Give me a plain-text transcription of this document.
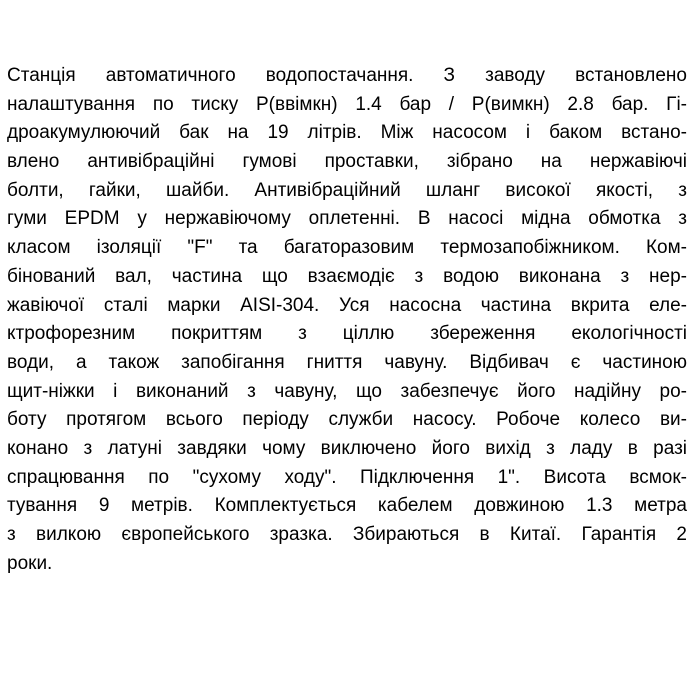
Станція автоматичного водопостачання. З заводу встановлено
налаштування по тиску Р(ввімкн) 1.4 бар / Р(вимкн) 2.8 бар. Гі-
дроакумулюючий бак на 19 літрів. Між насосом і баком встано-
влено антивібраційні гумові проставки, зібрано на нержавіючі
болти, гайки, шайби. Антивібраційний шланг високої якості, з
гуми EPDM у нержавіючому оплетенні. В насосі мідна обмотка з
класом ізоляції "F" та багаторазовим термозапобіжником. Ком-
бінований вал, частина що взаємодіє з водою виконана з нер-
жавіючої сталі марки AISI-304. Уся насосна частина вкрита еле-
ктрофорезним покриттям з ціллю збереження екологічності
води, а також запобігання гниття чавуну. Відбивач є частиною
щит-ніжки і виконаний з чавуну, що забезпечує його надійну ро-
боту протягом всього періоду служби насосу. Робоче колесо ви-
конано з латуні завдяки чому виключено його вихід з ладу в разі
спрацювання по "сухому ходу". Підключення 1". Висота всмок-
тування 9 метрів. Комплектується кабелем довжиною 1.3 метра
з вилкою європейського зразка. Збираються в Китаї. Гарантія 2
роки.
